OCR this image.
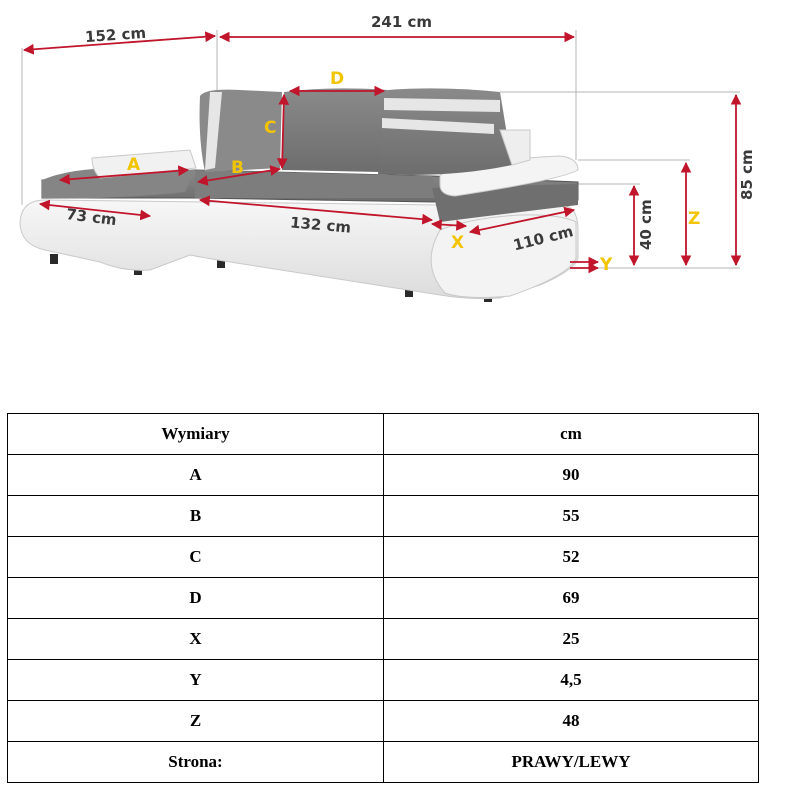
152 cm
241 cm
85 cm
40 cm
73 cm	132 cm	110 cm
A	B
C
D
X
Y
Z
Wymiary	cm
A	90
B	55
C	52
D	69
X	25
Y	4,5
Z	48
Strona:	PRAWY/LEWY
